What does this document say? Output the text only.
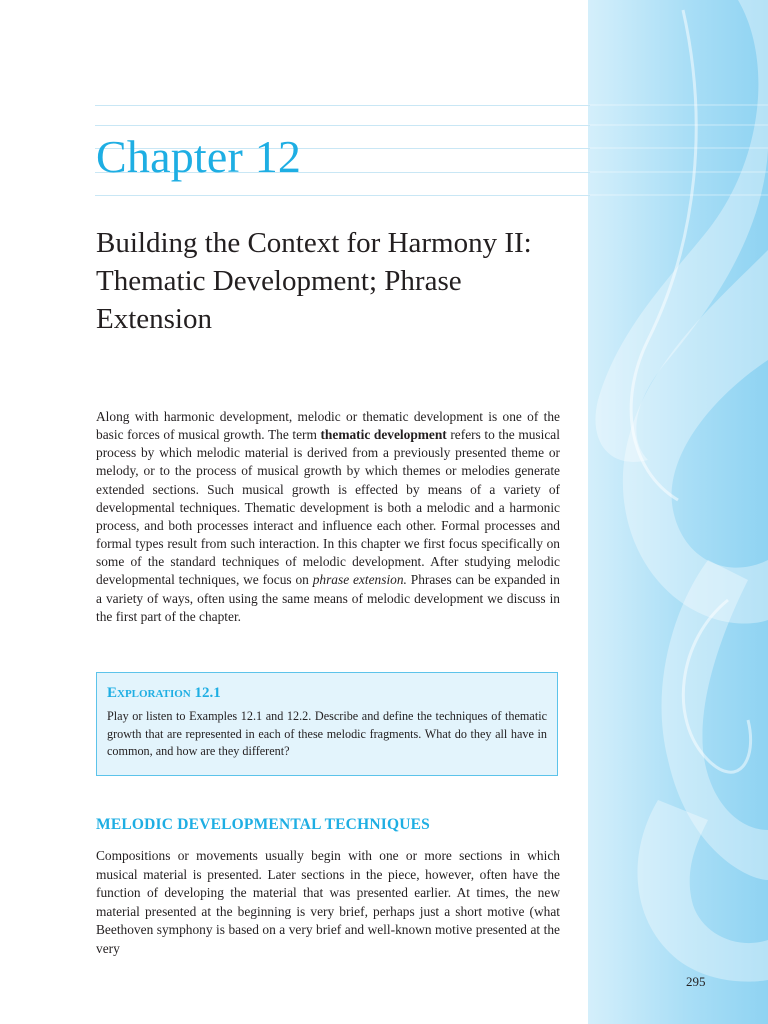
Chapter 12
Building the Context for Harmony II: Thematic Development; Phrase Extension

Along with harmonic development, melodic or thematic development is one of the basic forces of musical growth. The term thematic development refers to the musical process by which melodic material is derived from a previously presented theme or melody, or to the process of musical growth by which themes or melodies generate extended sections. Such musical growth is effected by means of a variety of developmental techniques. Thematic development is both a melodic and a harmonic process, and both processes interact and influence each other. Formal processes and formal types result from such interaction. In this chapter we first focus specifically on some of the standard techniques of melodic development. After studying melodic developmental techniques, we focus on phrase extension. Phrases can be expanded in a variety of ways, often using the same means of melodic development we discuss in the first part of the chapter.

Exploration 12.1

Play or listen to Examples 12.1 and 12.2. Describe and define the techniques of thematic growth that are represented in each of these melodic fragments. What do they all have in common, and how are they different?

MELODIC DEVELOPMENTAL TECHNIQUES

Compositions or movements usually begin with one or more sections in which musical material is presented. Later sections in the piece, however, often have the function of developing the material that was presented earlier. At times, the new material presented at the beginning is very brief, perhaps just a short motive (what Beethoven symphony is based on a very brief and well-known motive presented at the very

295
